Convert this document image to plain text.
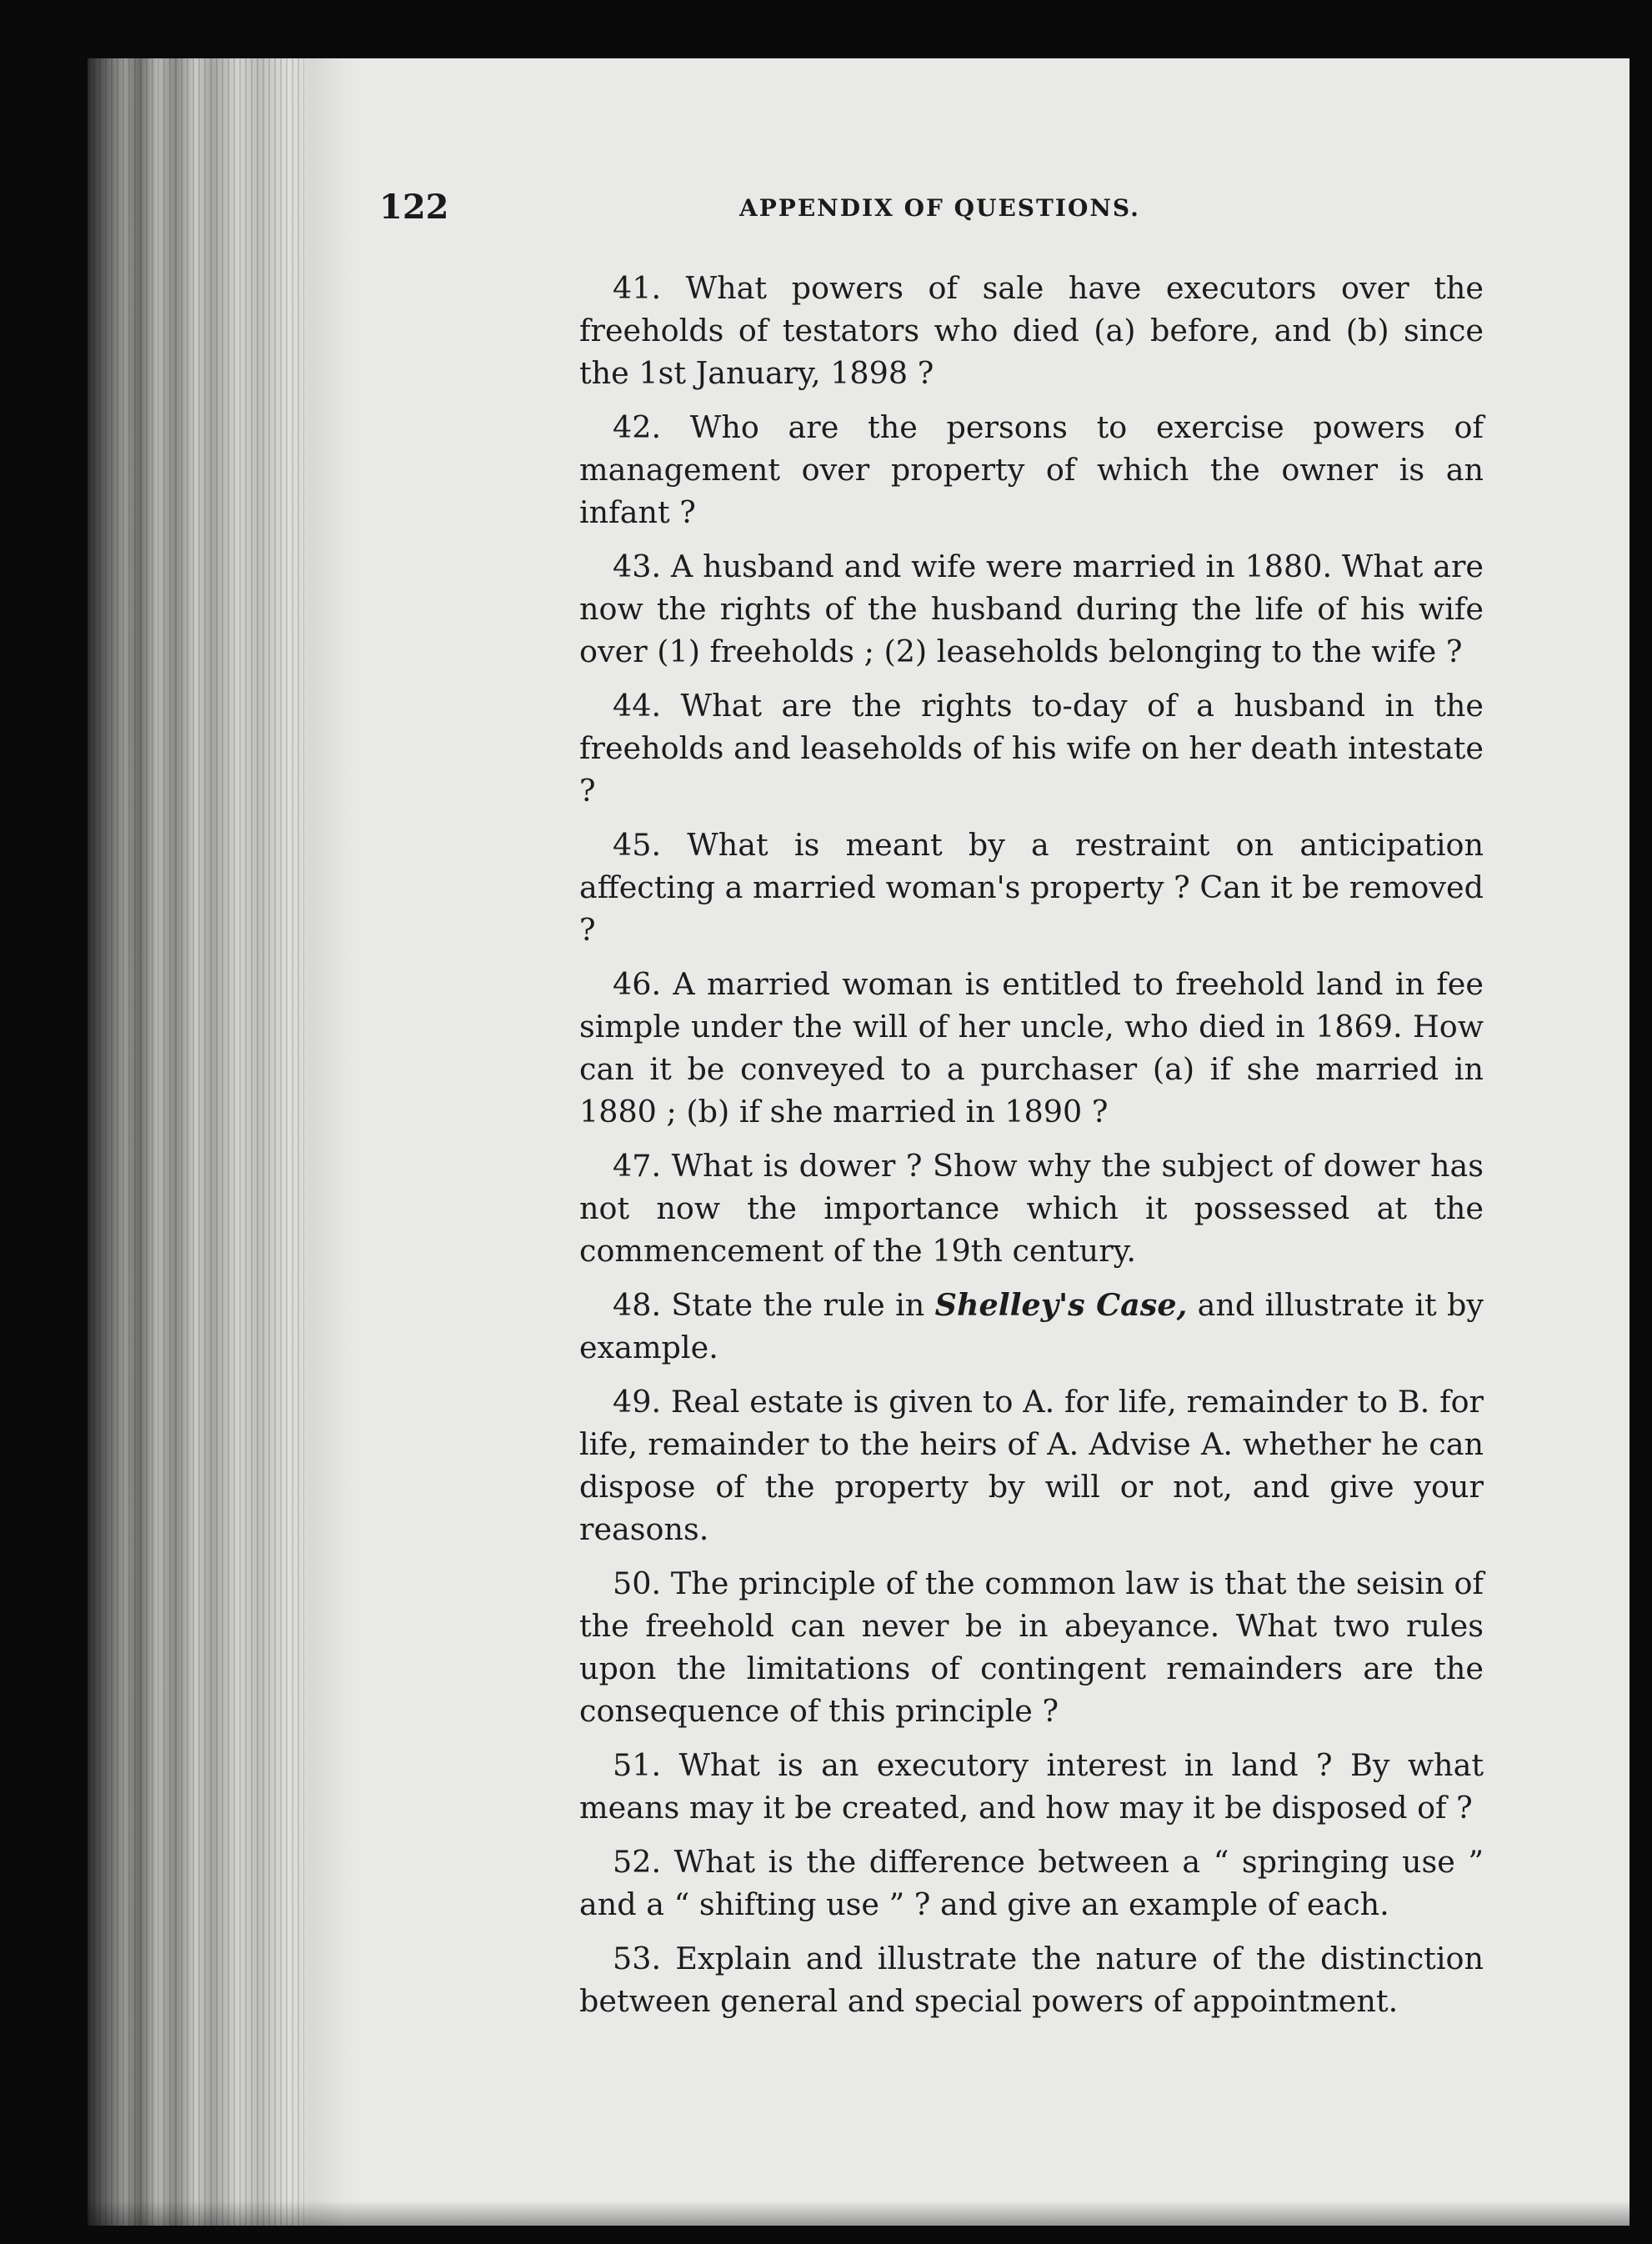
122	APPENDIX OF QUESTIONS.

41. What powers of sale have executors over the freeholds of testators who died (a) before, and (b) since the 1st January, 1898 ?

42. Who are the persons to exercise powers of management over property of which the owner is an infant ?

43. A husband and wife were married in 1880. What are now the rights of the husband during the life of his wife over (1) freeholds ; (2) leaseholds belonging to the wife ?

44. What are the rights to-day of a husband in the freeholds and leaseholds of his wife on her death intestate ?

45. What is meant by a restraint on anticipation affecting a married woman's property ? Can it be removed ?

46. A married woman is entitled to freehold land in fee simple under the will of her uncle, who died in 1869. How can it be conveyed to a purchaser (a) if she married in 1880 ; (b) if she married in 1890 ?

47. What is dower ? Show why the subject of dower has not now the importance which it possessed at the commencement of the 19th century.

48. State the rule in Shelley's Case, and illustrate it by example.

49. Real estate is given to A. for life, remainder to B. for life, remainder to the heirs of A. Advise A. whether he can dispose of the property by will or not, and give your reasons.

50. The principle of the common law is that the seisin of the freehold can never be in abeyance. What two rules upon the limitations of contingent remainders are the consequence of this principle ?

51. What is an executory interest in land ? By what means may it be created, and how may it be disposed of ?

52. What is the difference between a “ springing use ” and a “ shifting use ” ? and give an example of each.

53. Explain and illustrate the nature of the distinction between general and special powers of appointment.
